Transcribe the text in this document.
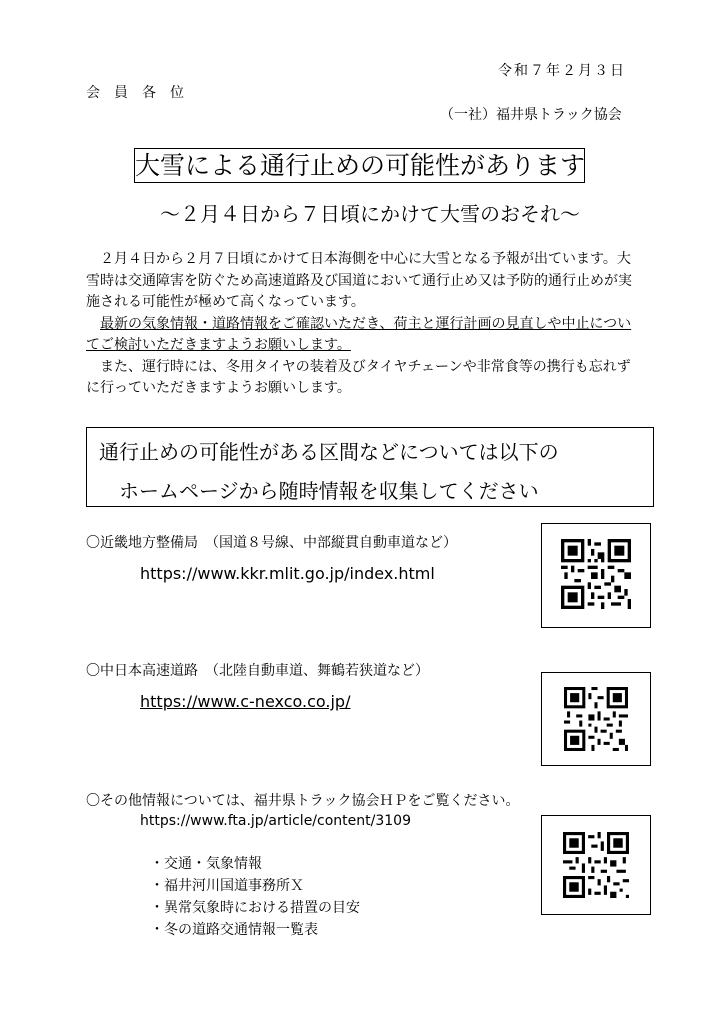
令和７年２月３日
会員各位
（一社）福井県トラック協会
大雪による通行止めの可能性があります
～２月４日から７日頃にかけて大雪のおそれ～

　２月４日から２月７日頃にかけて日本海側を中心に大雪となる予報が出ています。大雪時は交通障害を防ぐため高速道路及び国道において通行止め又は予防的通行止めが実施される可能性が極めて高くなっています。

　最新の気象情報・道路情報をご確認いただき、荷主と運行計画の見直しや中止についてご検討いただきますようお願いします。

　また、運行時には、冬用タイヤの装着及びタイヤチェーンや非常食等の携行も忘れずに行っていただきますようお願いします。

通行止めの可能性がある区間などについては以下の
ホームページから随時情報を収集してください
〇近畿地方整備局　（国道８号線、中部縦貫自動車道など）
https://www.kkr.mlit.go.jp/index.html
〇中日本高速道路　（北陸自動車道、舞鶴若狭道など）
https://www.c-nexco.co.jp/
〇その他情報については、福井県トラック協会ＨＰをご覧ください。
https://www.fta.jp/article/content/3109
・交通・気象情報
・福井河川国道事務所Ｘ
・異常気象時における措置の目安
・冬の道路交通情報一覧表
